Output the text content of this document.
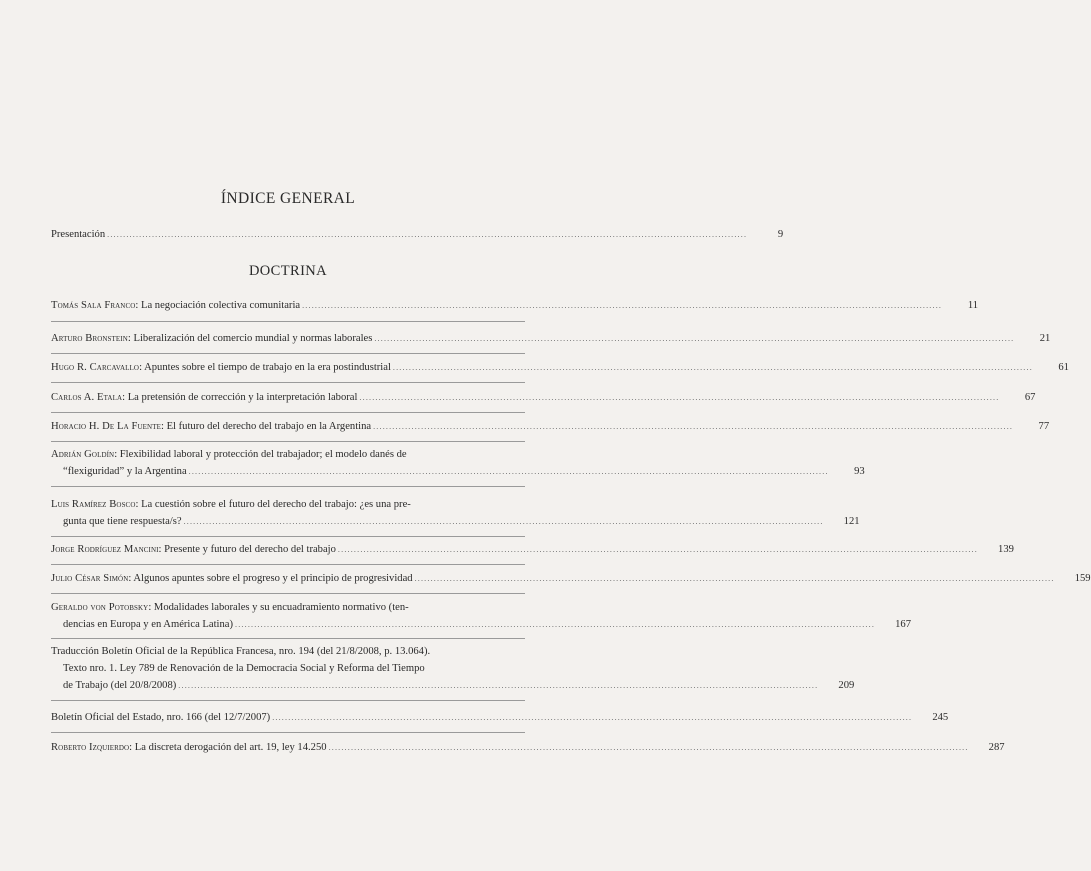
ÍNDICE GENERAL
Presentación .....	9
DOCTRINA
Tomás Sala Franco: La negociación colectiva comunitaria .....	11
Arturo Bronstein: Liberalización del comercio mundial y normas laborales .....	21
Hugo R. Carcavallo: Apuntes sobre el tiempo de trabajo en la era postindustrial .....	61
Carlos A. Etala: La pretensión de corrección y la interpretación laboral .....	67
Horacio H. De La Fuente: El futuro del derecho del trabajo en la Argentina .....	77
Adrián Goldín: Flexibilidad laboral y protección del trabajador; el modelo danés de
“flexiguridad” y la Argentina .....	93
Luis Ramírez Bosco: La cuestión sobre el futuro del derecho del trabajo: ¿es una pre-
gunta que tiene respuesta/s? .....	121
Jorge Rodríguez Mancini: Presente y futuro del derecho del trabajo .....	139
Julio César Simón: Algunos apuntes sobre el progreso y el principio de progresividad .....	159
Geraldo von Potobsky: Modalidades laborales y su encuadramiento normativo (ten-
dencias en Europa y en América Latina) .....	167
Traducción Boletín Oficial de la República Francesa, nro. 194 (del 21/8/2008, p. 13.064).
Texto nro. 1. Ley 789 de Renovación de la Democracia Social y Reforma del Tiempo
de Trabajo (del 20/8/2008) .....	209
Boletín Oficial del Estado, nro. 166 (del 12/7/2007) .....	245
Roberto Izquierdo: La discreta derogación del art. 19, ley 14.250 .....	287
